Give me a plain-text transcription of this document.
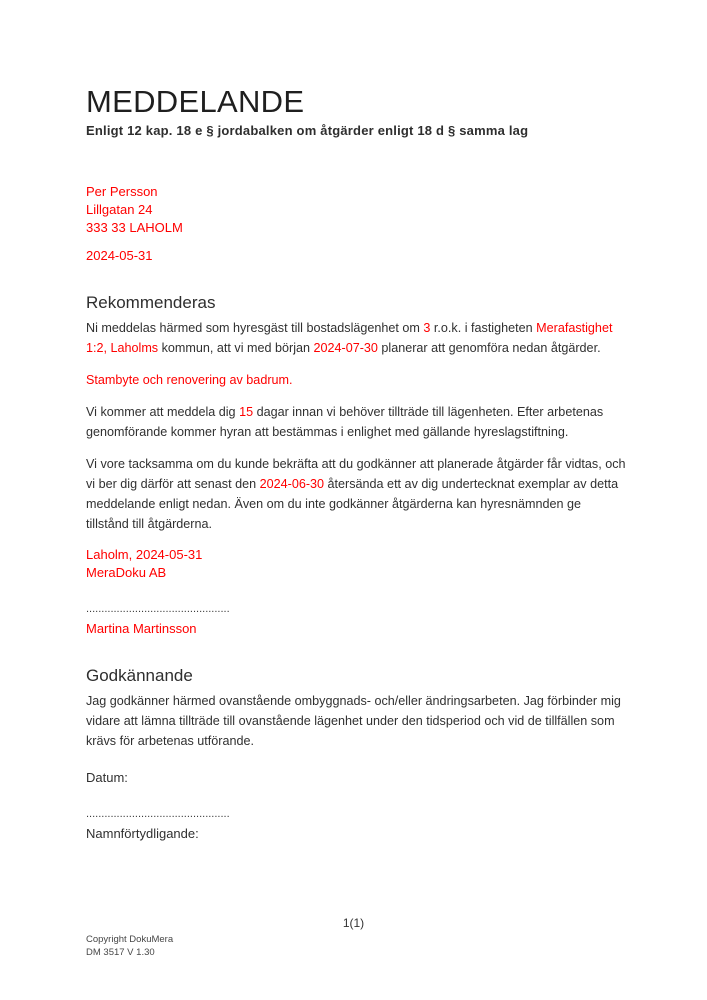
MEDDELANDE

Enligt 12 kap. 18 e § jordabalken om åtgärder enligt 18 d § samma lag

Per Persson
Lillgatan 24
333 33 LAHOLM
2024-05-31
Rekommenderas

Ni meddelas härmed som hyresgäst till bostadslägenhet om 3 r.o.k. i fastigheten Merafastighet 1:2, Laholms kommun, att vi med början 2024-07-30 planerar att genomföra nedan åtgärder.

Stambyte och renovering av badrum.

Vi kommer att meddela dig 15 dagar innan vi behöver tillträde till lägenheten. Efter arbetenas genomförande kommer hyran att bestämmas i enlighet med gällande hyreslagstiftning.

Vi vore tacksamma om du kunde bekräfta att du godkänner att planerade åtgärder får vidtas, och vi ber dig därför att senast den 2024-06-30 återsända ett av dig undertecknat exemplar av detta meddelande enligt nedan. Även om du inte godkänner åtgärderna kan hyresnämnden ge tillstånd till åtgärderna.

Laholm, 2024-05-31
MeraDoku AB
...............................................
Martina Martinsson
Godkännande

Jag godkänner härmed ovanstående ombyggnads- och/eller ändringsarbeten. Jag förbinder mig vidare att lämna tillträde till ovanstående lägenhet under den tidsperiod och vid de tillfällen som krävs för arbetenas utförande.

Datum:
...............................................
Namnförtydligande:
1(1)
Copyright DokuMera
DM 3517 V 1.30
